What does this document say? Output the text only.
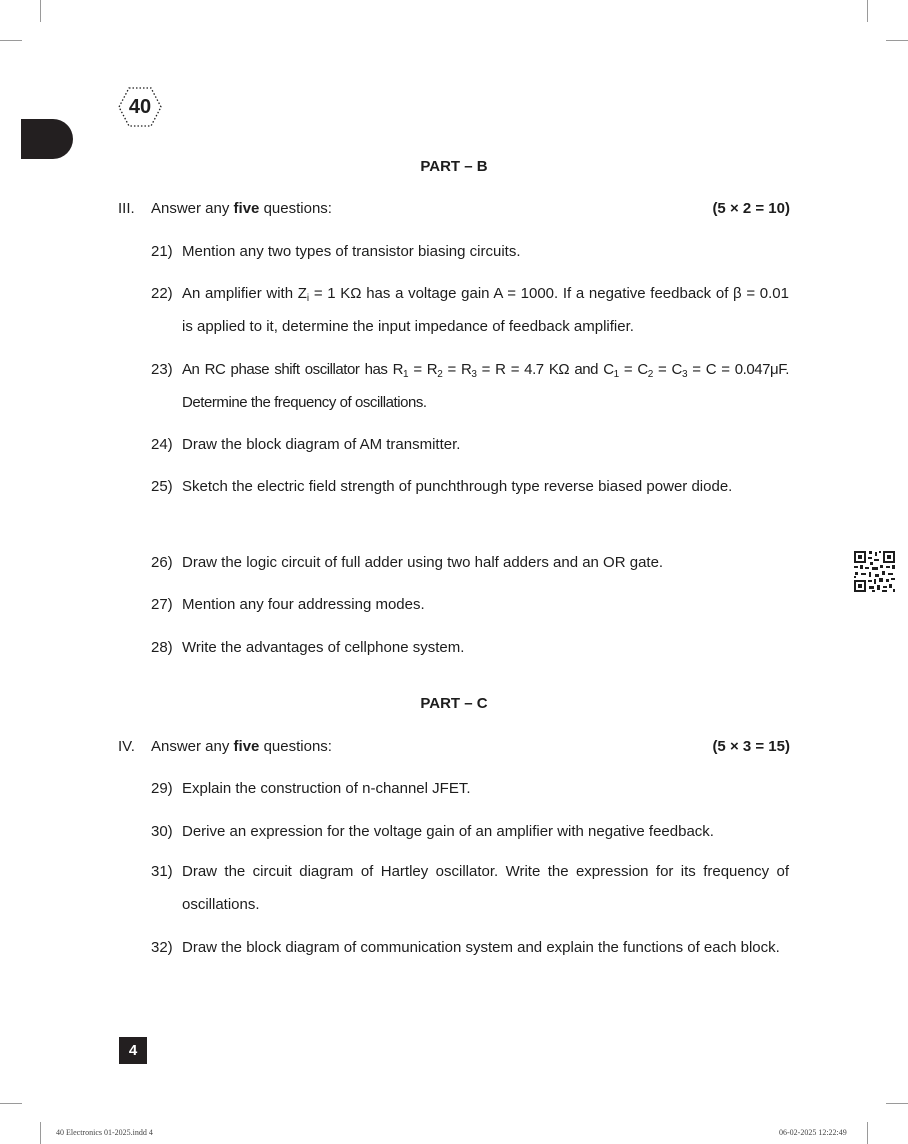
40
PART – B
III. Answer any five questions:	(5 × 2 = 10)
21) Mention any two types of transistor biasing circuits.
22) An amplifier with $Z_i = 1$ KΩ has a voltage gain A = 1000. If a negative feedback of β = 0.01 is applied to it, determine the input impedance of feedback amplifier.
23) An RC phase shift oscillator has $R_1 = R_2 = R_3 = R = 4.7$ KΩ and $C_1 = C_2 = C_3 = C = 0.047\mu F$. Determine the frequency of oscillations.
24) Draw the block diagram of AM transmitter.
25) Sketch the electric field strength of punchthrough type reverse biased power diode.
26) Draw the logic circuit of full adder using two half adders and an OR gate.
27) Mention any four addressing modes.
28) Write the advantages of cellphone system.
PART – C
IV. Answer any five questions:	(5 × 3 = 15)
29) Explain the construction of n-channel JFET.
30) Derive an expression for the voltage gain of an amplifier with negative feedback.
31) Draw the circuit diagram of Hartley oscillator. Write the expression for its frequency of oscillations.
32) Draw the block diagram of communication system and explain the functions of each block.
4
40 Electronics 01-2025.indd 4	06-02-2025 12:22:49
